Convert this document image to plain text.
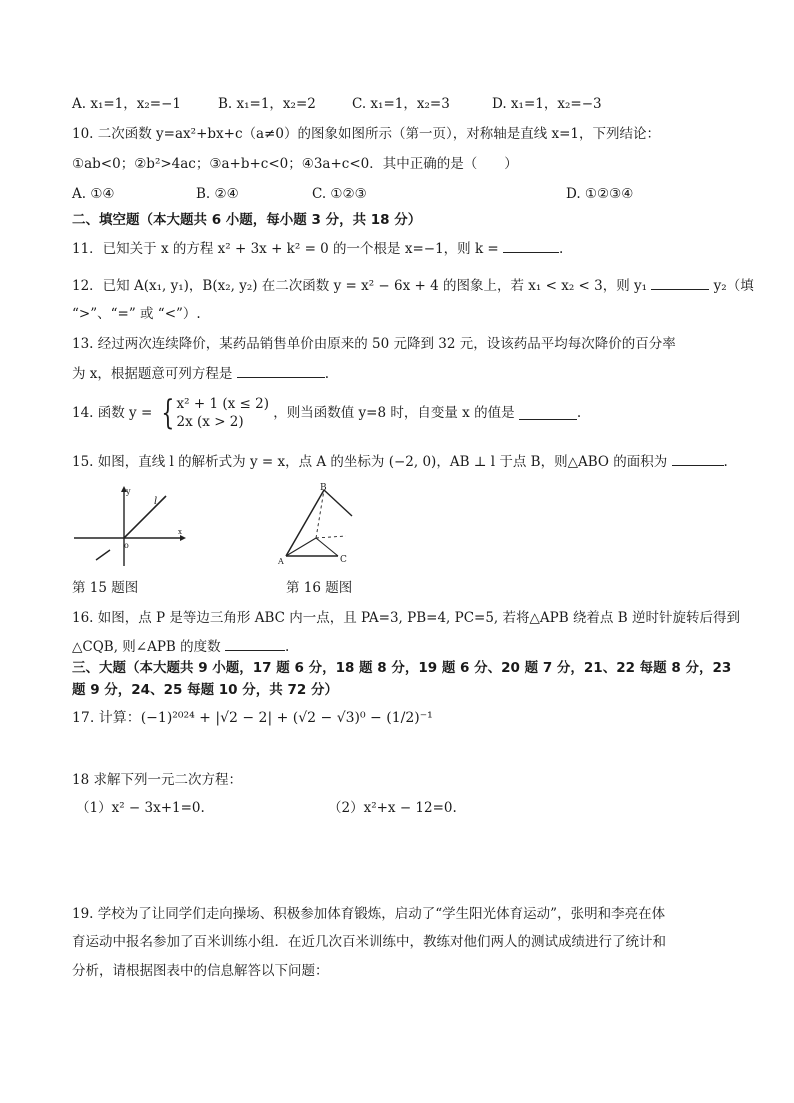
A. x₁=1，x₂=−1	B. x₁=1，x₂=2	C. x₁=1，x₂=3	D. x₁=1，x₂=−3
10. 二次函数 y=ax²+bx+c（a≠0）的图象如图所示（第一页），对称轴是直线 x=1，下列结论：
①ab<0；②b²>4ac；③a+b+c<0；④3a+c<0．其中正确的是（　　）
A. ①④	B. ②④	C. ①②③	D. ①②③④
二、填空题（本大题共 6 小题，每小题 3 分，共 18 分）
11．已知关于 x 的方程 x² + 3x + k² = 0 的一个根是 x=−1，则 k =	.
12．已知 A(x₁, y₁)，B(x₂, y₂) 在二次函数 y = x² − 6x + 4 的图象上，若 x₁ < x₂ < 3，则 y₁	y₂（填
“>”、“=” 或 “<”）.
13. 经过两次连续降价，某药品销售单价由原来的 50 元降到 32 元，设该药品平均每次降价的百分率
为 x，根据题意可列方程是	.
14. 函数 y = { x² + 1 (x ≤ 2)
2x (x > 2)
，则当函数值 y=8 时，自变量 x 的值是	.
15. 如图，直线 l 的解析式为 y = x，点 A 的坐标为 (−2, 0)，AB ⊥ l 于点 B，则△ABO 的面积为	.
y
l
o
x
第 15 题图
B
C
A
第 16 题图
16. 如图，点 P 是等边三角形 ABC 内一点，且 PA=3, PB=4, PC=5, 若将△APB 绕着点 B 逆时针旋转后得到
△CQB, 则∠APB 的度数	.
三、大题（本大题共 9 小题，17 题 6 分，18 题 8 分，19 题 6 分、20 题 7 分，21、22 每题 8 分，23
题 9 分，24、25 每题 10 分，共 72 分）
17. 计算：(−1)²⁰²⁴ + |√2 − 2| + (√2 − √3)⁰ − (1/2)⁻¹
18 求解下列一元二次方程：
（1）x² − 3x+1=0.	（2）x²+x − 12=0.
19. 学校为了让同学们走向操场、积极参加体育锻炼，启动了“学生阳光体育运动”，张明和李亮在体
育运动中报名参加了百米训练小组．在近几次百米训练中，教练对他们两人的测试成绩进行了统计和
分析，请根据图表中的信息解答以下问题：
